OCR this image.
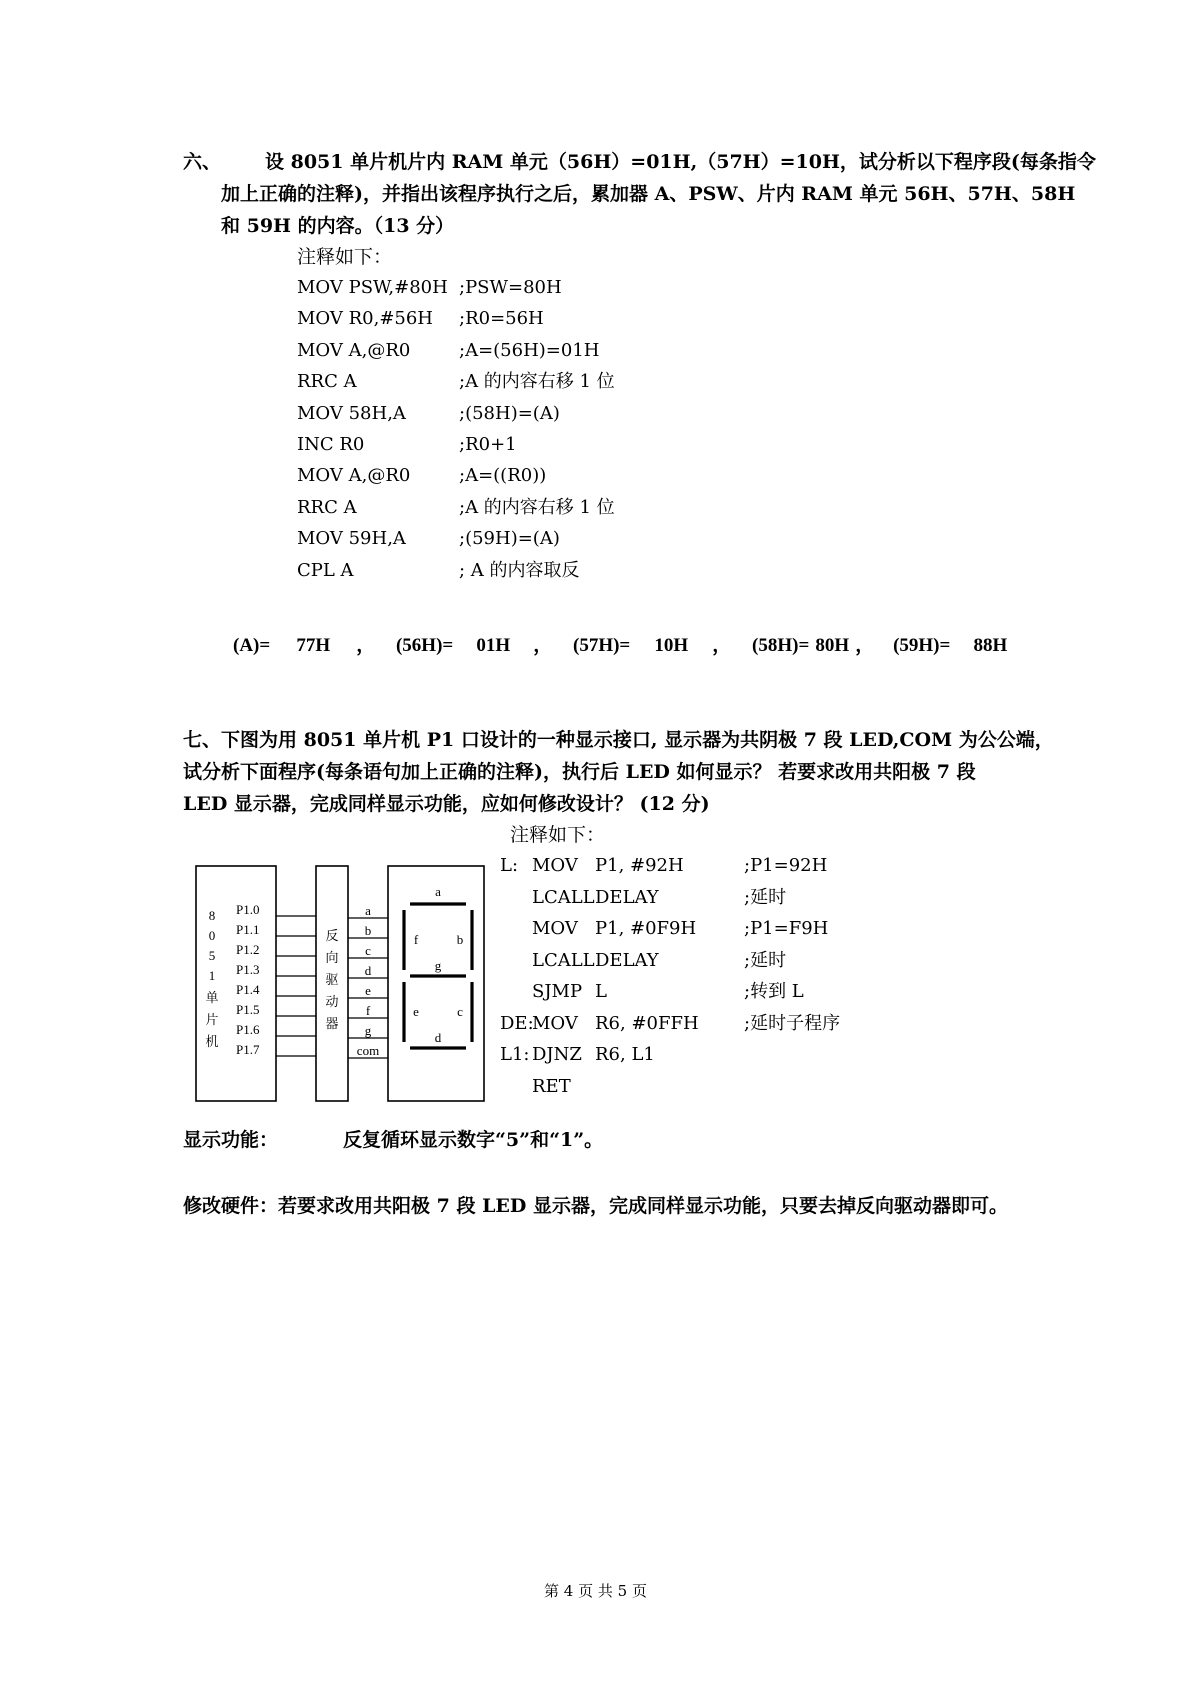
六、 设 8051 单片机片内 RAM 单元（56H）=01H,（57H）=10H，试分析以下程序段(每条指令
加上正确的注释)，并指出该程序执行之后，累加器 A、PSW、片内 RAM 单元 56H、57H、58H
和 59H 的内容。（13 分）
注释如下：
MOV PSW,#80H ;PSW=80H
MOV R0,#56H ;R0=56H
MOV A,@R0	;A=(56H)=01H
RRC A	;A 的内容右移 1 位
MOV 58H,A	;(58H)=(A)
INC R0	;R0+1
MOV A,@R0	;A=((R0))
RRC A	;A 的内容右移 1 位
MOV 59H,A	;(59H)=(A)
CPL A	; A 的内容取反
(A)= 77H ， (56H)= 01H ， (57H)= 10H ， (58H)= 80H ， (59H)= 88H
七、下图为用 8051 单片机 P1 口设计的一种显示接口, 显示器为共阴极 7 段 LED,COM 为公公端，
试分析下面程序(每条语句加上正确的注释)，执行后 LED 如何显示？ 若要求改用共阳极 7 段
LED 显示器，完成同样显示功能，应如何修改设计？ (12 分)
注释如下：
8
0
5
1
单
片
机
P1.0
P1.1
P1.2
P1.3
P1.4
P1.5
P1.6
P1.7
反
向
驱
动
器
a
b
c
d
e
f
g
com
a
f	b
g
e	c
d
L: MOV P1, #92H	;P1=92H
LCALL DELAY	;延时
MOV P1, #0F9H	;P1=F9H
LCALL DELAY	;延时
SJMP L	;转到 L
DE:
MOV R6, #0FFH	;延时子程序
L1: DJNZ R6, L1
RET
显示功能：	反复循环显示数字“5”和“1”。
修改硬件：若要求改用共阳极 7 段 LED 显示器，完成同样显示功能，只要去掉反向驱动器即可。
第 4 页 共 5 页
